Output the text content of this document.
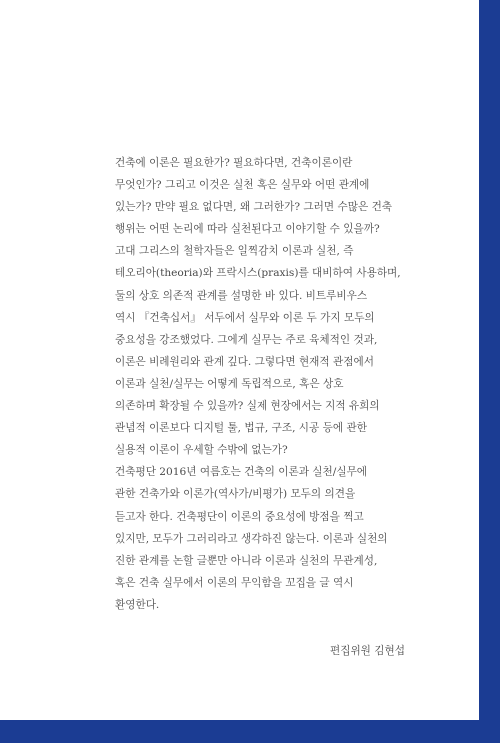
건축에 이론은 필요한가? 필요하다면, 건축이론이란
무엇인가? 그리고 이것은 실천 혹은 실무와 어떤 관계에
있는가? 만약 필요 없다면, 왜 그러한가? 그러면 수많은 건축
행위는 어떤 논리에 따라 실천된다고 이야기할 수 있을까?
고대 그리스의 철학자들은 일찍감치 이론과 실천, 즉
테오리아(theoria)와 프락시스(praxis)를 대비하여 사용하며,
둘의 상호 의존적 관계를 설명한 바 있다. 비트루비우스
역시 『건축십서』 서두에서 실무와 이론 두 가지 모두의
중요성을 강조했었다. 그에게 실무는 주로 육체적인 것과,
이론은 비례원리와 관계 깊다. 그렇다면 현재적 관점에서
이론과 실천/실무는 어떻게 독립적으로, 혹은 상호
의존하며 확장될 수 있을까? 실제 현장에서는 지적 유희의
관념적 이론보다 디지털 툴, 법규, 구조, 시공 등에 관한
실용적 이론이 우세할 수밖에 없는가?
건축평단 2016년 여름호는 건축의 이론과 실천/실무에
관한 건축가와 이론가(역사가/비평가) 모두의 의견을
듣고자 한다. 건축평단이 이론의 중요성에 방점을 찍고
있지만, 모두가 그러리라고 생각하진 않는다. 이론과 실천의
진한 관계를 논할 글뿐만 아니라 이론과 실천의 무관계성,
혹은 건축 실무에서 이론의 무익함을 꼬집을 글 역시
환영한다.
편집위원 김현섭
